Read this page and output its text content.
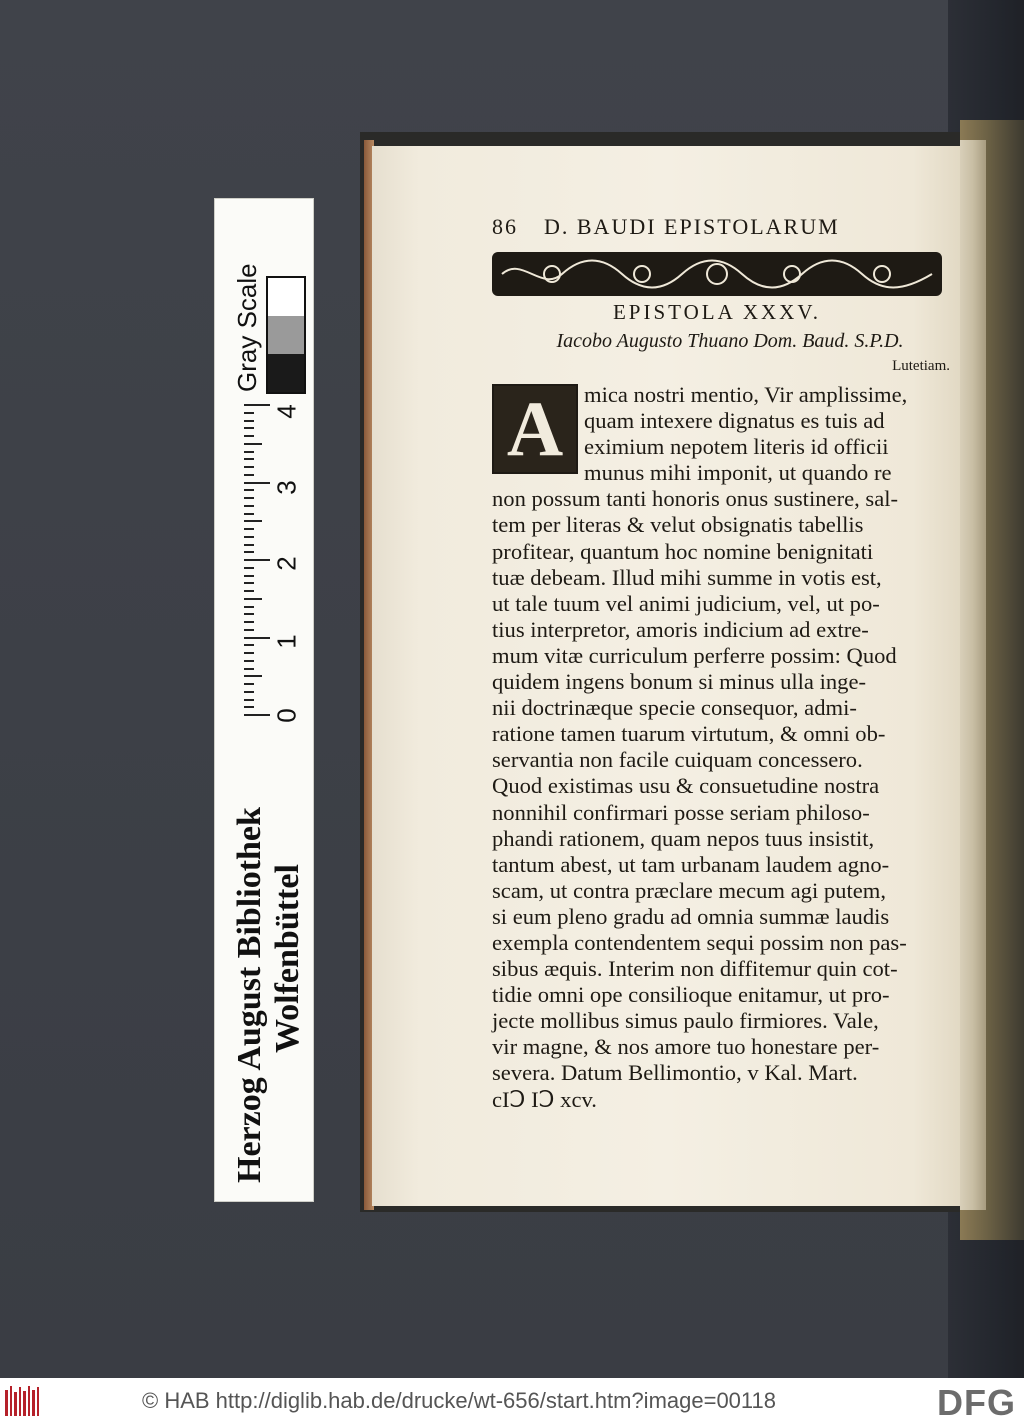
Herzog August Bibliothek Wolfenbüttel
Gray Scale
0
1
2
3
4
86 D. BAUDI EPISTOLARUM
EPISTOLA XXXV.
Iacobo Augusto Thuano Dom. Baud. S.P.D.
Lutetiam.
A mica nostri mentio, Vir amplissime,
quam intexere dignatus es tuis ad
eximium nepotem literis id officii
munus mihi imponit, ut quando re
non possum tanti honoris onus sustinere, sal-
tem per literas & velut obsignatis tabellis
profitear, quantum hoc nomine benignitati
tuæ debeam. Illud mihi summe in votis est,
ut tale tuum vel animi judicium, vel, ut po-
tius interpretor, amoris indicium ad extre-
mum vitæ curriculum perferre possim: Quod
quidem ingens bonum si minus ulla inge-
nii doctrinæque specie consequor, admi-
ratione tamen tuarum virtutum, & omni ob-
servantia non facile cuiquam concessero.
Quod existimas usu & consuetudine nostra
nonnihil confirmari posse seriam philoso-
phandi rationem, quam nepos tuus insistit,
tantum abest, ut tam urbanam laudem agno-
scam, ut contra præclare mecum agi putem,
si eum pleno gradu ad omnia summæ laudis
exempla contendentem sequi possim non pas-
sibus æquis. Interim non diffitemur quin cot-
tidie omni ope consilioque enitamur, ut pro-
jecte mollibus simus paulo firmiores. Vale,
vir magne, & nos amore tuo honestare per-
severa. Datum Bellimontio, v Kal. Mart.
cIↃ IↃ xcv.
© HAB http://diglib.hab.de/drucke/wt-656/start.htm?image=00118	DFG
